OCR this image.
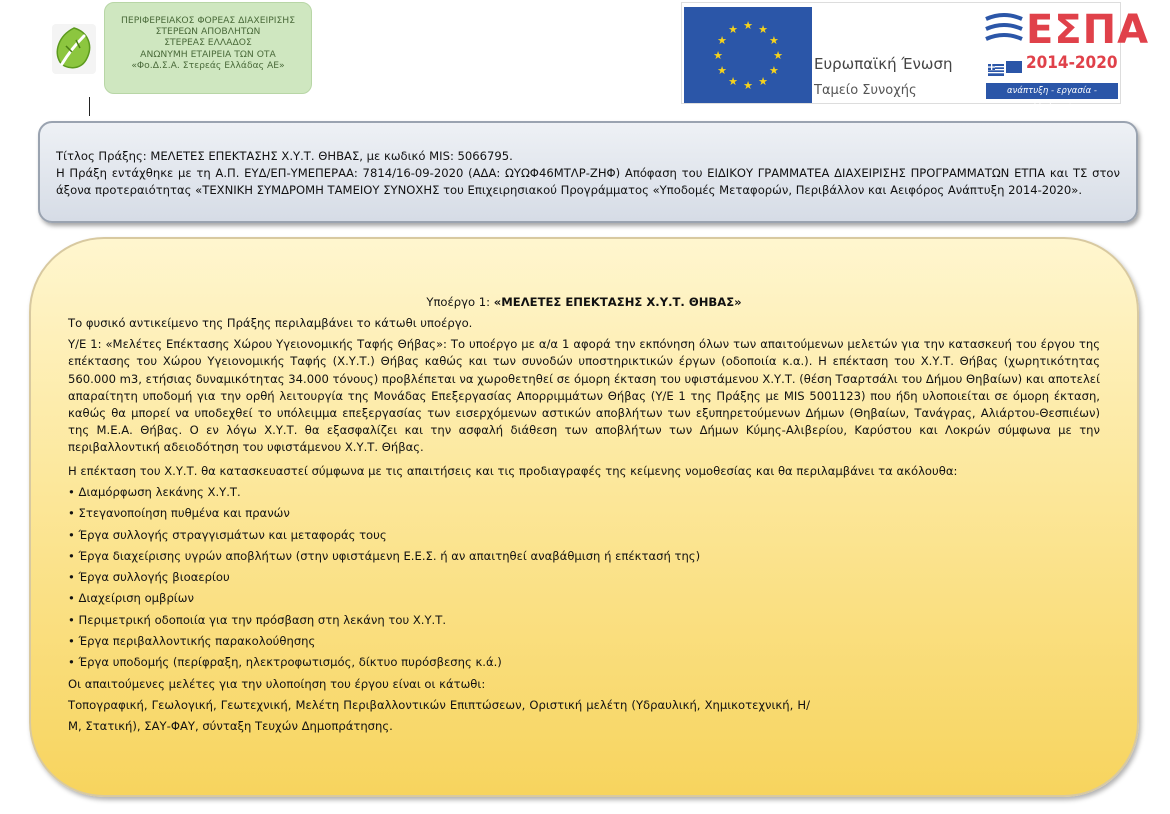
ΠΕΡΙΦΕΡΕΙΑΚΟΣ ΦΟΡΕΑΣ ΔΙΑΧΕΙΡΙΣΗΣ
ΣΤΕΡΕΩΝ ΑΠΟΒΛΗΤΩΝ
ΣΤΕΡΕΑΣ ΕΛΛΑΔΟΣ
ΑΝΩΝΥΜΗ ΕΤΑΙΡΕΙΑ ΤΩΝ ΟΤΑ
«Φο.Δ.Σ.Α. Στερεάς Ελλάδας ΑΕ»
★ ★
★
★
★
★
★
★
★
★
★
★
Ευρωπαϊκή Ένωση
Ταμείο Συνοχής
ΕΣΠΑ
2014-2020
ανάπτυξη - εργασία - αλληλεγγύη

Τίτλος Πράξης: ΜΕΛΕΤΕΣ ΕΠΕΚΤΑΣΗΣ Χ.Υ.Τ. ΘΗΒΑΣ, με κωδικό MIS: 5066795.

Η Πράξη εντάχθηκε με τη Α.Π. ΕΥΔ/ΕΠ-ΥΜΕΠΕΡΑΑ: 7814/16-09-2020 (ΑΔΑ: ΩΥΩΦ46ΜΤΛΡ-ΖΗΦ) Απόφαση του ΕΙΔΙΚΟΥ ΓΡΑΜΜΑΤΕΑ ΔΙΑΧΕΙΡΙΣΗΣ ΠΡΟΓΡΑΜΜΑΤΩΝ ΕΤΠΑ και ΤΣ στον άξονα προτεραιότητας «ΤΕΧΝΙΚΗ ΣΥΜΔΡΟΜΗ ΤΑΜΕΙΟΥ ΣΥΝΟΧΗΣ του Επιχειρησιακού Προγράμματος «Υποδομές Μεταφορών, Περιβάλλον και Αειφόρος Ανάπτυξη 2014-2020».

Υποέργο 1: «ΜΕΛΕΤΕΣ ΕΠΕΚΤΑΣΗΣ Χ.Υ.Τ. ΘΗΒΑΣ»

Το φυσικό αντικείμενο της Πράξης περιλαμβάνει το κάτωθι υποέργο.

Υ/Ε 1: «Μελέτες Επέκτασης Χώρου Υγειονομικής Ταφής Θήβας»: Το υποέργο με α/α 1 αφορά την εκπόνηση όλων των απαιτούμενων μελετών για την κατασκευή του έργου της επέκτασης του Χώρου Υγειονομικής Ταφής (Χ.Υ.Τ.) Θήβας καθώς και των συνοδών υποστηρικτικών έργων (οδοποιία κ.α.). Η επέκταση του Χ.Υ.Τ. Θήβας (χωρητικότητας 560.000 m3, ετήσιας δυναμικότητας 34.000 τόνους) προβλέπεται να χωροθετηθεί σε όμορη έκταση του υφιστάμενου Χ.Υ.Τ. (θέση Τσαρτσάλι του Δήμου Θηβαίων) και αποτελεί απαραίτητη υποδομή για την ορθή λειτουργία της Μονάδας Επεξεργασίας Απορριμμάτων Θήβας (Υ/Ε 1 της Πράξης με MIS 5001123) που ήδη υλοποιείται σε όμορη έκταση, καθώς θα μπορεί να υποδεχθεί το υπόλειμμα επεξεργασίας των εισερχόμενων αστικών αποβλήτων των εξυπηρετούμενων Δήμων (Θηβαίων, Τανάγρας, Αλιάρτου-Θεσπιέων) της Μ.Ε.Α. Θήβας. Ο εν λόγω Χ.Υ.Τ. θα εξασφαλίζει και την ασφαλή διάθεση των αποβλήτων των Δήμων Κύμης-Αλιβερίου, Καρύστου και Λοκρών σύμφωνα με την περιβαλλοντική αδειοδότηση του υφιστάμενου Χ.Υ.Τ. Θήβας.

Η επέκταση του Χ.Υ.Τ. θα κατασκευαστεί σύμφωνα με τις απαιτήσεις και τις προδιαγραφές της κείμενης νομοθεσίας και θα περιλαμβάνει τα ακόλουθα:
• Διαμόρφωση λεκάνης Χ.Υ.Τ.
• Στεγανοποίηση πυθμένα και πρανών
• Έργα συλλογής στραγγισμάτων και μεταφοράς τους
• Έργα διαχείρισης υγρών αποβλήτων (στην υφιστάμενη Ε.Ε.Σ. ή αν απαιτηθεί αναβάθμιση ή επέκτασή της)
• Έργα συλλογής βιοαερίου
• Διαχείριση ομβρίων
• Περιμετρική οδοποιία για την πρόσβαση στη λεκάνη του Χ.Υ.Τ.
• Έργα περιβαλλοντικής παρακολούθησης
• Έργα υποδομής (περίφραξη, ηλεκτροφωτισμός, δίκτυο πυρόσβεσης κ.ά.)
Οι απαιτούμενες μελέτες για την υλοποίηση του έργου είναι οι κάτωθι:
Τοπογραφική, Γεωλογική, Γεωτεχνική, Μελέτη Περιβαλλοντικών Επιπτώσεων, Οριστική μελέτη (Υδραυλική, Χημικοτεχνική, Η/Μ, Στατική), ΣΑΥ-ΦΑΥ, σύνταξη Τευχών Δημοπράτησης.
